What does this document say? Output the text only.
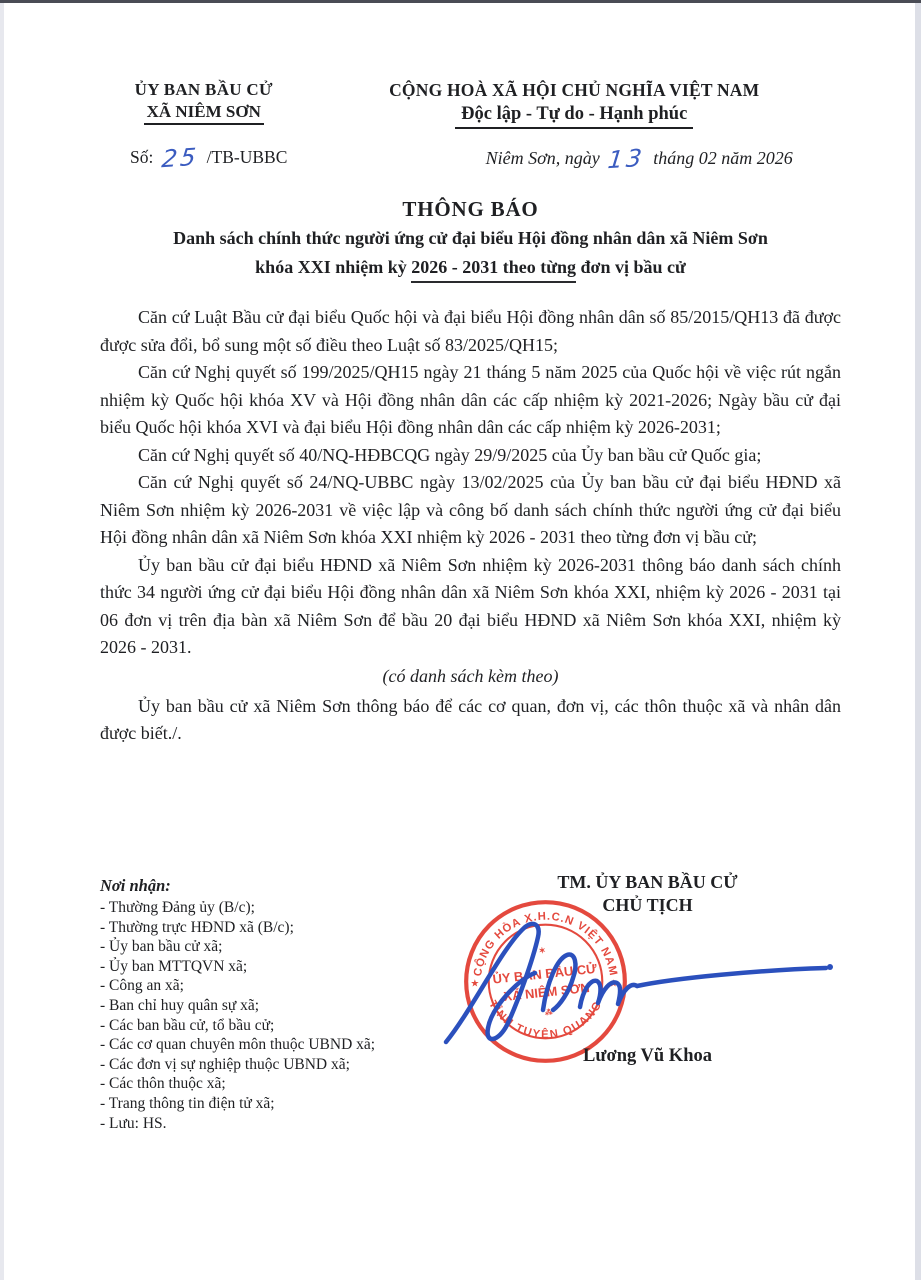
ỦY BAN BẦU CỬ
XÃ NIÊM SƠN
Số: 25 /TB-UBBC
CỘNG HOÀ XÃ HỘI CHỦ NGHĨA VIỆT NAM
Độc lập - Tự do - Hạnh phúc
Niêm Sơn, ngày 13 tháng 02 năm 2026
THÔNG BÁO
Danh sách chính thức người ứng cử đại biểu Hội đồng nhân dân xã Niêm Sơn
khóa XXI nhiệm kỳ 2026 - 2031 theo từng đơn vị bầu cử

Căn cứ Luật Bầu cử đại biểu Quốc hội và đại biểu Hội đồng nhân dân số 85/2015/QH13 đã được được sửa đổi, bổ sung một số điều theo Luật số 83/2025/QH15;

Căn cứ Nghị quyết số 199/2025/QH15 ngày 21 tháng 5 năm 2025 của Quốc hội về việc rút ngắn nhiệm kỳ Quốc hội khóa XV và Hội đồng nhân dân các cấp nhiệm kỳ 2021-2026; Ngày bầu cử đại biểu Quốc hội khóa XVI và đại biểu Hội đồng nhân dân các cấp nhiệm kỳ 2026-2031;

Căn cứ Nghị quyết số 40/NQ-HĐBCQG ngày 29/9/2025 của Ủy ban bầu cử Quốc gia;

Căn cứ Nghị quyết số 24/NQ-UBBC ngày 13/02/2025 của Ủy ban bầu cử đại biểu HĐND xã Niêm Sơn nhiệm kỳ 2026-2031 về việc lập và công bố danh sách chính thức người ứng cử đại biểu Hội đồng nhân dân xã Niêm Sơn khóa XXI nhiệm kỳ 2026 - 2031 theo từng đơn vị bầu cử;

Ủy ban bầu cử đại biểu HĐND xã Niêm Sơn nhiệm kỳ 2026-2031 thông báo danh sách chính thức 34 người ứng cử đại biểu Hội đồng nhân dân xã Niêm Sơn khóa XXI, nhiệm kỳ 2026 - 2031 tại 06 đơn vị trên địa bàn xã Niêm Sơn để bầu 20 đại biểu HĐND xã Niêm Sơn khóa XXI, nhiệm kỳ 2026 - 2031.

(có danh sách kèm theo)

Ủy ban bầu cử xã Niêm Sơn thông báo để các cơ quan, đơn vị, các thôn thuộc xã và nhân dân được biết./.

Nơi nhận:
- Thường Đảng ủy (B/c);
- Thường trực HĐND xã (B/c);
- Ủy ban bầu cử xã;
- Ủy ban MTTQVN xã;
- Công an xã;
- Ban chỉ huy quân sự xã;
- Các ban bầu cử, tổ bầu cử;
- Các cơ quan chuyên môn thuộc UBND xã;
- Các đơn vị sự nghiệp thuộc UBND xã;
- Các thôn thuộc xã;
- Trang thông tin điện tử xã;
- Lưu: HS.
TM. ỦY BAN BẦU CỬ
CHỦ TỊCH
CỘNG HÒA X.H.C.N VIỆT NAM
TỈNH TUYÊN QUANG
★	★
✶
ỦY BAN BẦU CỬ
XÃ NIÊM SƠN
⁂
Lương Vũ Khoa
